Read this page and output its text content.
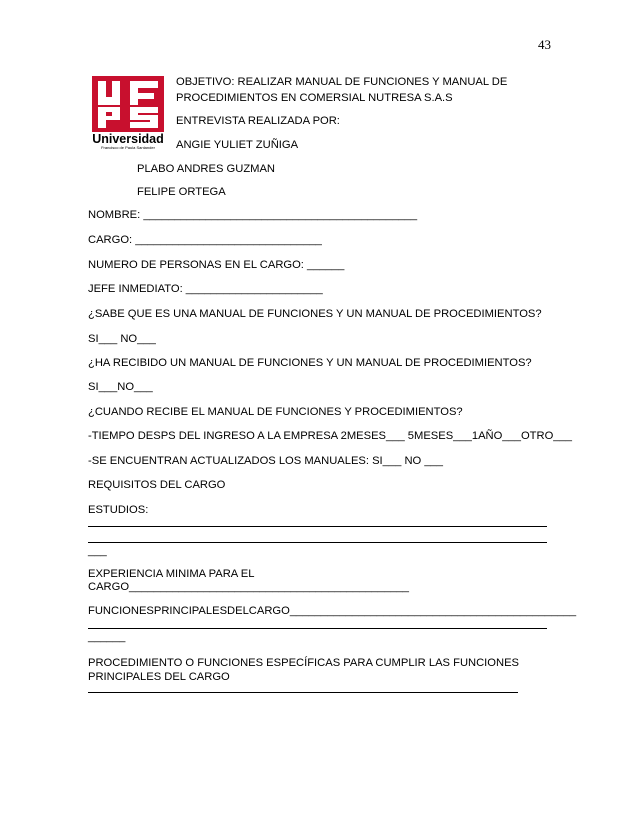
43
Universidad
Francisco de Paula Santander
OBJETIVO: REALIZAR MANUAL DE FUNCIONES Y MANUAL DE
PROCEDIMIENTOS EN COMERSIAL NUTRESA S.A.S
ENTREVISTA REALIZADA POR:
ANGIE YULIET ZUÑIGA
PLABO ANDRES GUZMAN
FELIPE ORTEGA
NOMBRE: ____________________________________________
CARGO: ______________________________
NUMERO DE PERSONAS EN EL CARGO: ______
JEFE INMEDIATO: ______________________
¿SABE QUE ES UNA MANUAL DE FUNCIONES Y UN MANUAL DE PROCEDIMIENTOS?
SI___ NO___
¿HA RECIBIDO UN MANUAL DE FUNCIONES Y UN MANUAL DE PROCEDIMIENTOS?
SI___NO___
¿CUANDO RECIBE EL MANUAL DE FUNCIONES Y PROCEDIMIENTOS?
-TIEMPO DESPS DEL INGRESO A LA EMPRESA 2MESES___ 5MESES___1AÑO___OTRO___
-SE ENCUENTRAN ACTUALIZADOS LOS MANUALES: SI___ NO ___
REQUISITOS DEL CARGO
ESTUDIOS:
___
EXPERIENCIA MINIMA PARA EL
CARGO_____________________________________________
FUNCIONESPRINCIPALESDELCARGO______________________________________________
______
PROCEDIMIENTO O FUNCIONES ESPECÍFICAS PARA CUMPLIR LAS FUNCIONES
PRINCIPALES DEL CARGO
